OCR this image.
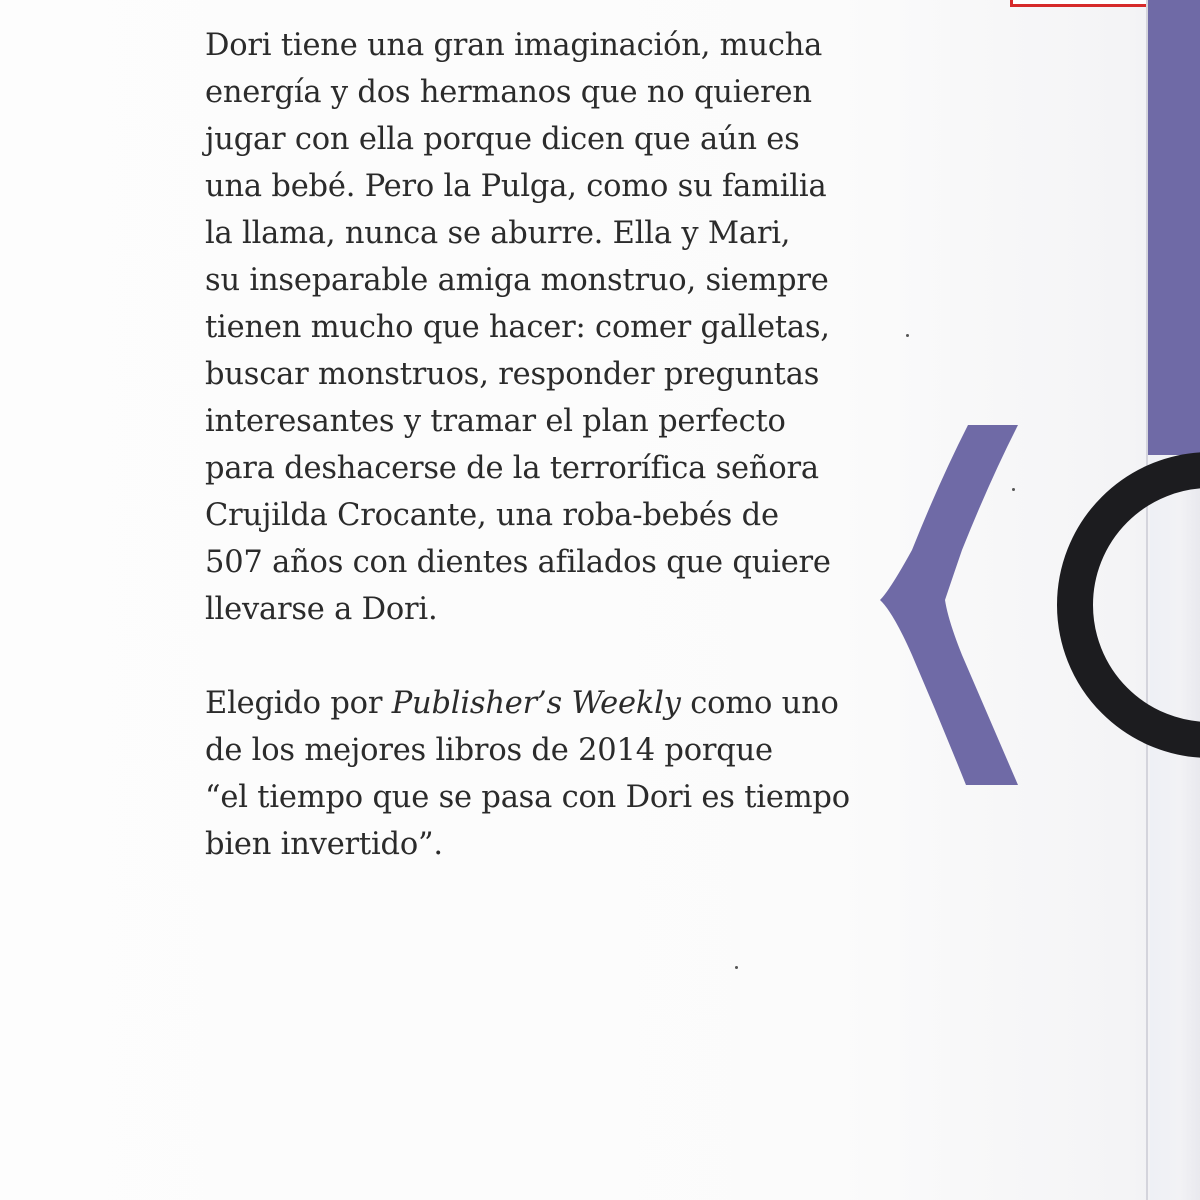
Dori tiene una gran imaginación, mucha

energía y dos hermanos que no quieren

jugar con ella porque dicen que aún es

una bebé. Pero la Pulga, como su familia

la llama, nunca se aburre. Ella y Mari,

su inseparable amiga monstruo, siempre

tienen mucho que hacer: comer galletas,

buscar monstruos, responder preguntas

interesantes y tramar el plan perfecto

para deshacerse de la terrorífica señora

Crujilda Crocante, una roba-bebés de

507 años con dientes afilados que quiere

llevarse a Dori.

Elegido por Publisher’s Weekly como uno

de los mejores libros de 2014 porque

“el tiempo que se pasa con Dori es tiempo

bien invertido”.
